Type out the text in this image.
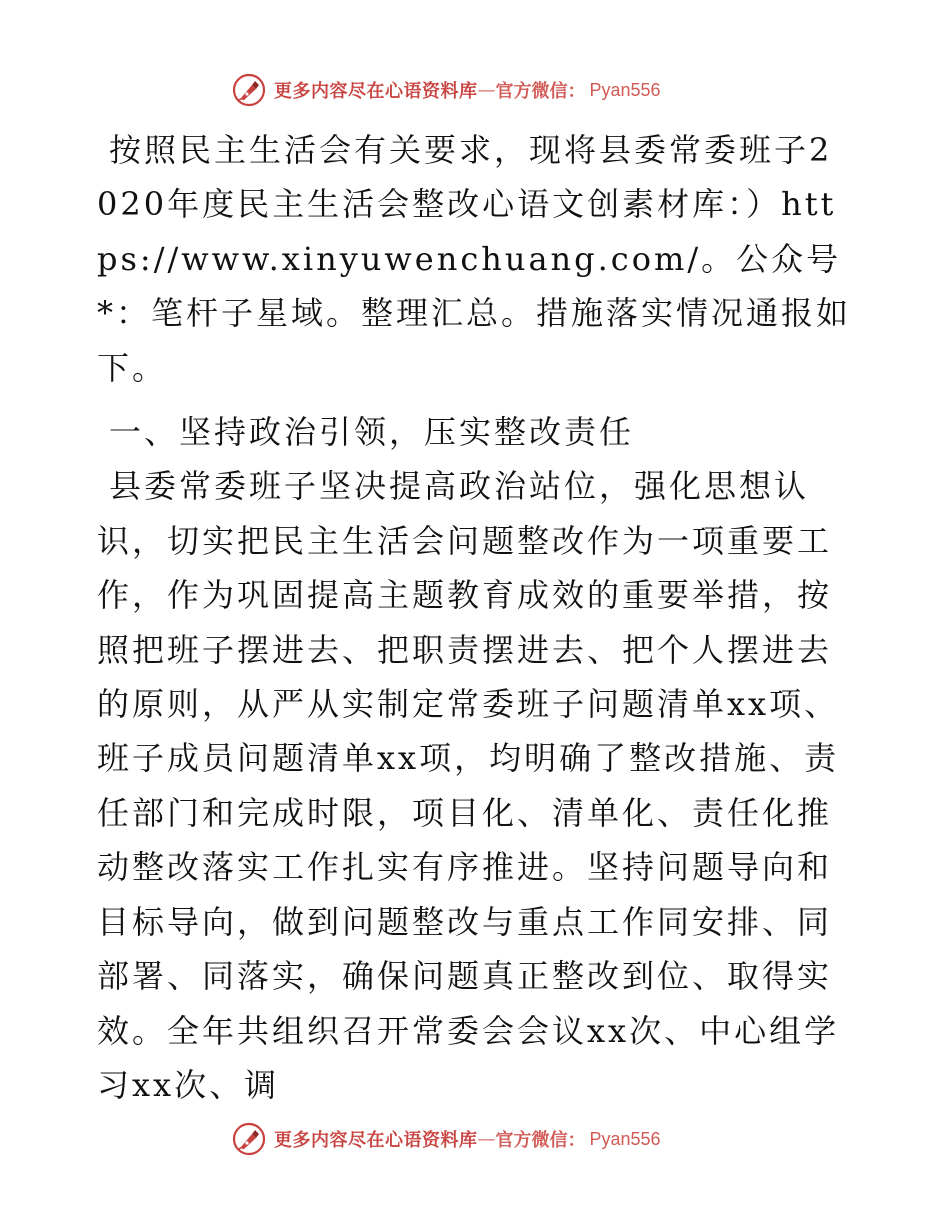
更多内容尽在心语资料库 — 官方微信： Pyan556

按照民主生活会有关要求，现将县委常委班子2020年度民主生活会整改心语文创素材库：）https://www.xinyuwenchuang.com/。公众号*：笔杆子星域。整理汇总。措施落实情况通报如下。

一、坚持政治引领，压实整改责任

县委常委班子坚决提高政治站位，强化思想认识，切实把民主生活会问题整改作为一项重要工作，作为巩固提高主题教育成效的重要举措，按照把班子摆进去、把职责摆进去、把个人摆进去的原则，从严从实制定常委班子问题清单xx项、班子成员问题清单xx项，均明确了整改措施、责任部门和完成时限，项目化、清单化、责任化推动整改落实工作扎实有序推进。坚持问题导向和目标导向，做到问题整改与重点工作同安排、同部署、同落实，确保问题真正整改到位、取得实效。全年共组织召开常委会会议xx次、中心组学习xx次、调

更多内容尽在心语资料库 — 官方微信： Pyan556
